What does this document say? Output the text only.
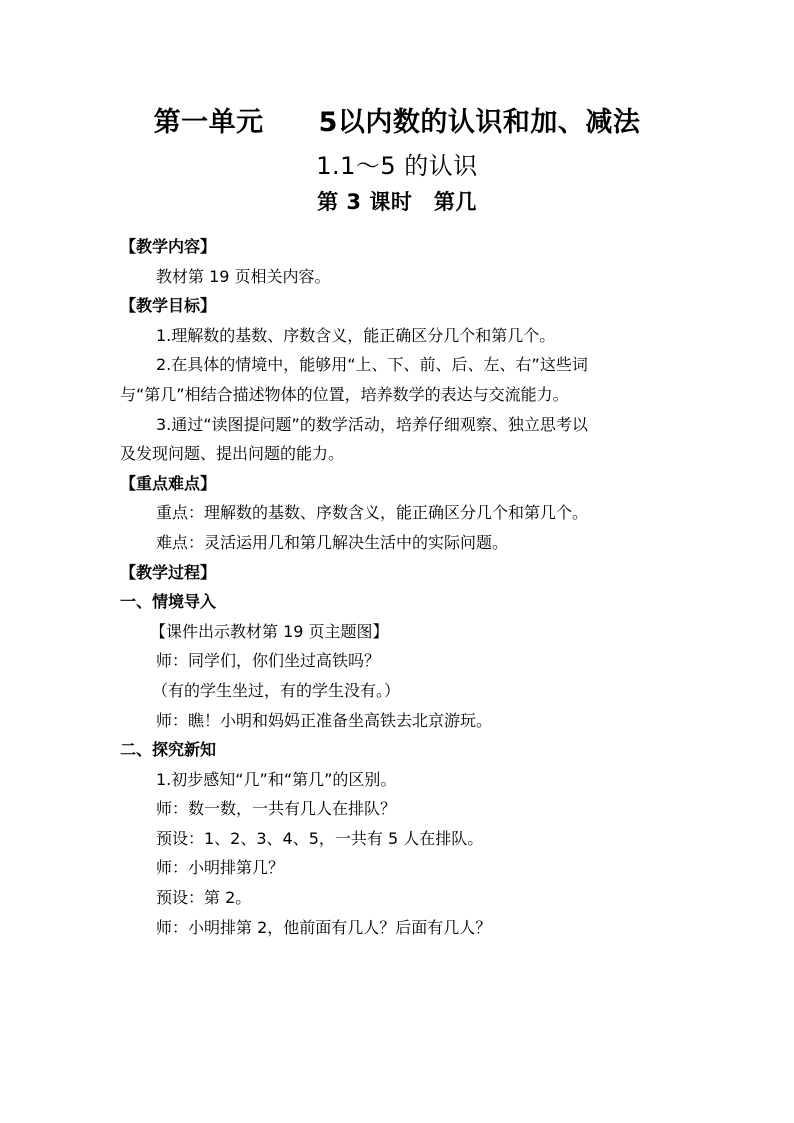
第一单元　　5以内数的认识和加、减法
1.1～5 的认识
第 3 课时　第几
【教学内容】
教材第 19 页相关内容。
【教学目标】
1.理解数的基数、序数含义，能正确区分几个和第几个。
2.在具体的情境中，能够用“上、下、前、后、左、右”这些词
与“第几”相结合描述物体的位置，培养数学的表达与交流能力。
3.通过“读图提问题”的数学活动，培养仔细观察、独立思考以
及发现问题、提出问题的能力。
【重点难点】
重点：理解数的基数、序数含义，能正确区分几个和第几个。
难点：灵活运用几和第几解决生活中的实际问题。
【教学过程】
一、情境导入
【课件出示教材第 19 页主题图】
师：同学们，你们坐过高铁吗？
（有的学生坐过，有的学生没有。）
师：瞧！小明和妈妈正准备坐高铁去北京游玩。
二、探究新知
1.初步感知“几”和“第几”的区别。
师：数一数，一共有几人在排队？
预设：1、2、3、4、5，一共有 5 人在排队。
师：小明排第几？
预设：第 2。
师：小明排第 2，他前面有几人？后面有几人？
